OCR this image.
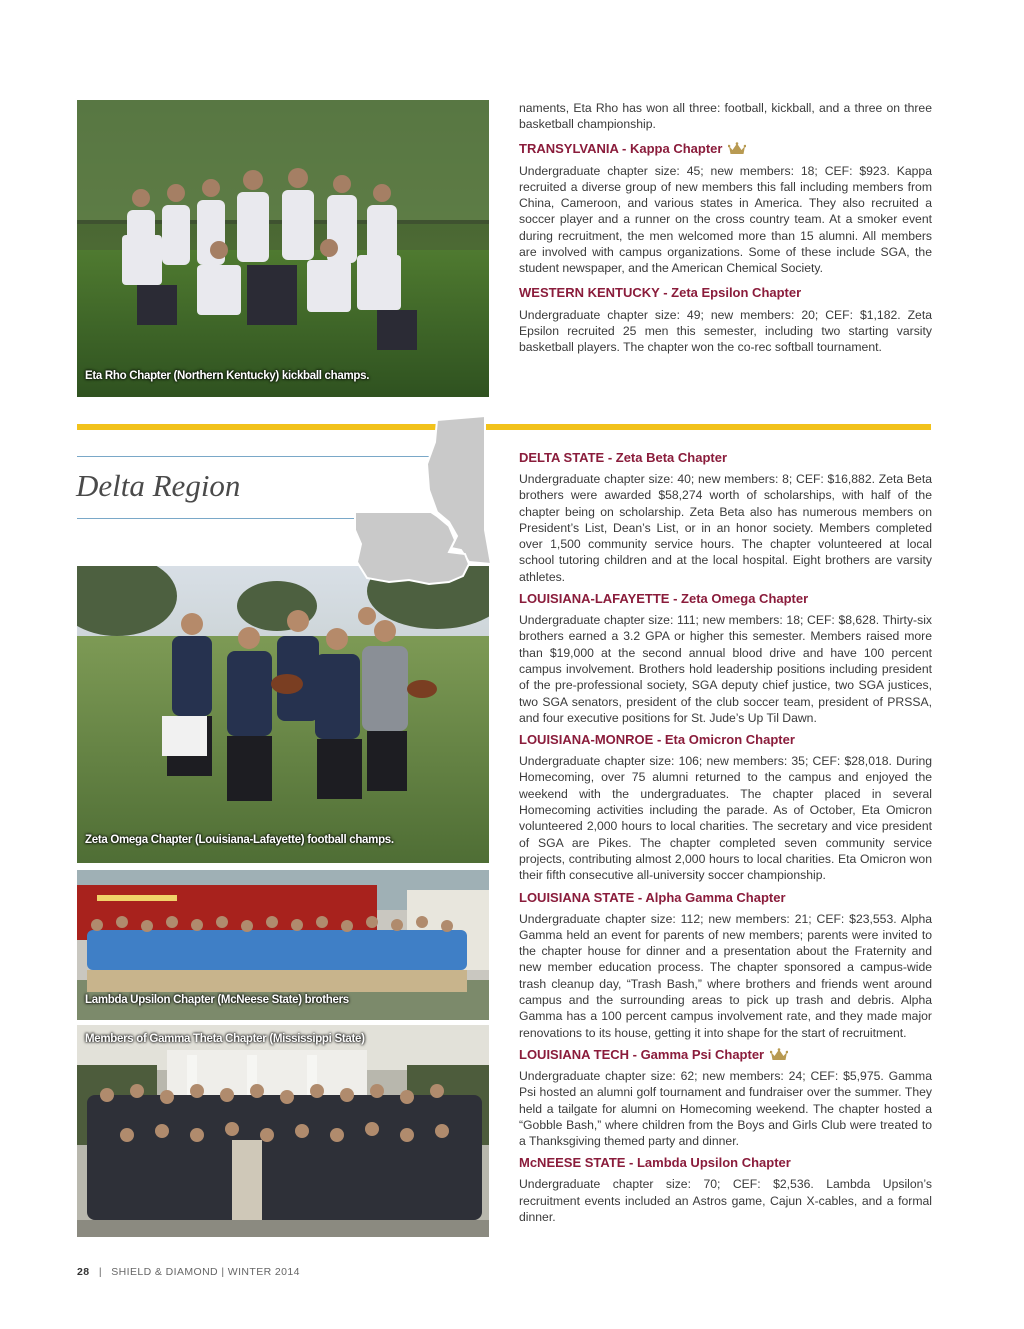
Eta Rho Chapter (Northern Kentucky) kickball champs.

naments, Eta Rho has won all three: football, kickball, and a three on three basketball championship.

TRANSYLVANIA - Kappa Chapter

Undergraduate chapter size: 45; new members: 18; CEF: $923. Kappa recruited a diverse group of new members this fall including members from China, Cameroon, and various states in America. They also recruited a soccer player and a runner on the cross country team. At a smoker event during recruitment, the men welcomed more than 15 alumni. All members are involved with campus organizations. Some of these include SGA, the student newspaper, and the American Chemical Society.

WESTERN KENTUCKY - Zeta Epsilon Chapter

Undergraduate chapter size: 49; new members: 20; CEF: $1,182. Zeta Epsilon recruited 25 men this semester, including two starting varsity basketball players. The chapter won the co-rec softball tournament.

Delta Region
Zeta Omega Chapter (Louisiana-Lafayette) football champs.
Lambda Upsilon Chapter (McNeese State) brothers
Members of Gamma Theta Chapter (Mississippi State)
DELTA STATE - Zeta Beta Chapter

Undergraduate chapter size: 40; new members: 8; CEF: $16,882. Zeta Beta brothers were awarded $58,274 worth of scholarships, with half of the chapter being on scholarship. Zeta Beta also has numerous members on President’s List, Dean’s List, or in an honor society. Members completed over 1,500 community service hours. The chapter volunteered at local school tutoring children and at the local hospital. Eight brothers are varsity athletes.

LOUISIANA-LAFAYETTE - Zeta Omega Chapter

Undergraduate chapter size: 111; new members: 18; CEF: $8,628. Thirty-six brothers earned a 3.2 GPA or higher this semester. Members raised more than $19,000 at the second annual blood drive and have 100 percent campus involvement. Brothers hold leadership positions including president of the pre-professional society, SGA deputy chief justice, two SGA justices, two SGA senators, president of the club soccer team, president of PRSSA, and four executive positions for St. Jude’s Up Til Dawn.

LOUISIANA-MONROE - Eta Omicron Chapter

Undergraduate chapter size: 106; new members: 35; CEF: $28,018. During Homecoming, over 75 alumni returned to the campus and enjoyed the weekend with the undergraduates. The chapter placed in several Homecoming activities including the parade. As of October, Eta Omicron volunteered 2,000 hours to local charities. The secretary and vice president of SGA are Pikes. The chapter completed seven community service projects, contributing almost 2,000 hours to local charities. Eta Omicron won their fifth consecutive all-university soccer championship.

LOUISIANA STATE - Alpha Gamma Chapter

Undergraduate chapter size: 112; new members: 21; CEF: $23,553. Alpha Gamma held an event for parents of new members; parents were invited to the chapter house for dinner and a presentation about the Fraternity and new member education process. The chapter sponsored a campus-wide trash cleanup day, “Trash Bash,” where brothers and friends went around campus and the surrounding areas to pick up trash and debris. Alpha Gamma has a 100 percent campus involvement rate, and they made major renovations to its house, getting it into shape for the start of recruitment.

LOUISIANA TECH - Gamma Psi Chapter

Undergraduate chapter size: 62; new members: 24; CEF: $5,975. Gamma Psi hosted an alumni golf tournament and fundraiser over the summer. They held a tailgate for alumni on Homecoming weekend. The chapter hosted a “Gobble Bash,” where children from the Boys and Girls Club were treated to a Thanksgiving themed party and dinner.

McNEESE STATE - Lambda Upsilon Chapter

Undergraduate chapter size: 70; CEF: $2,536. Lambda Upsilon’s recruitment events included an Astros game, Cajun X-cables, and a formal dinner.

28 | SHIELD & DIAMOND | WINTER 2014
